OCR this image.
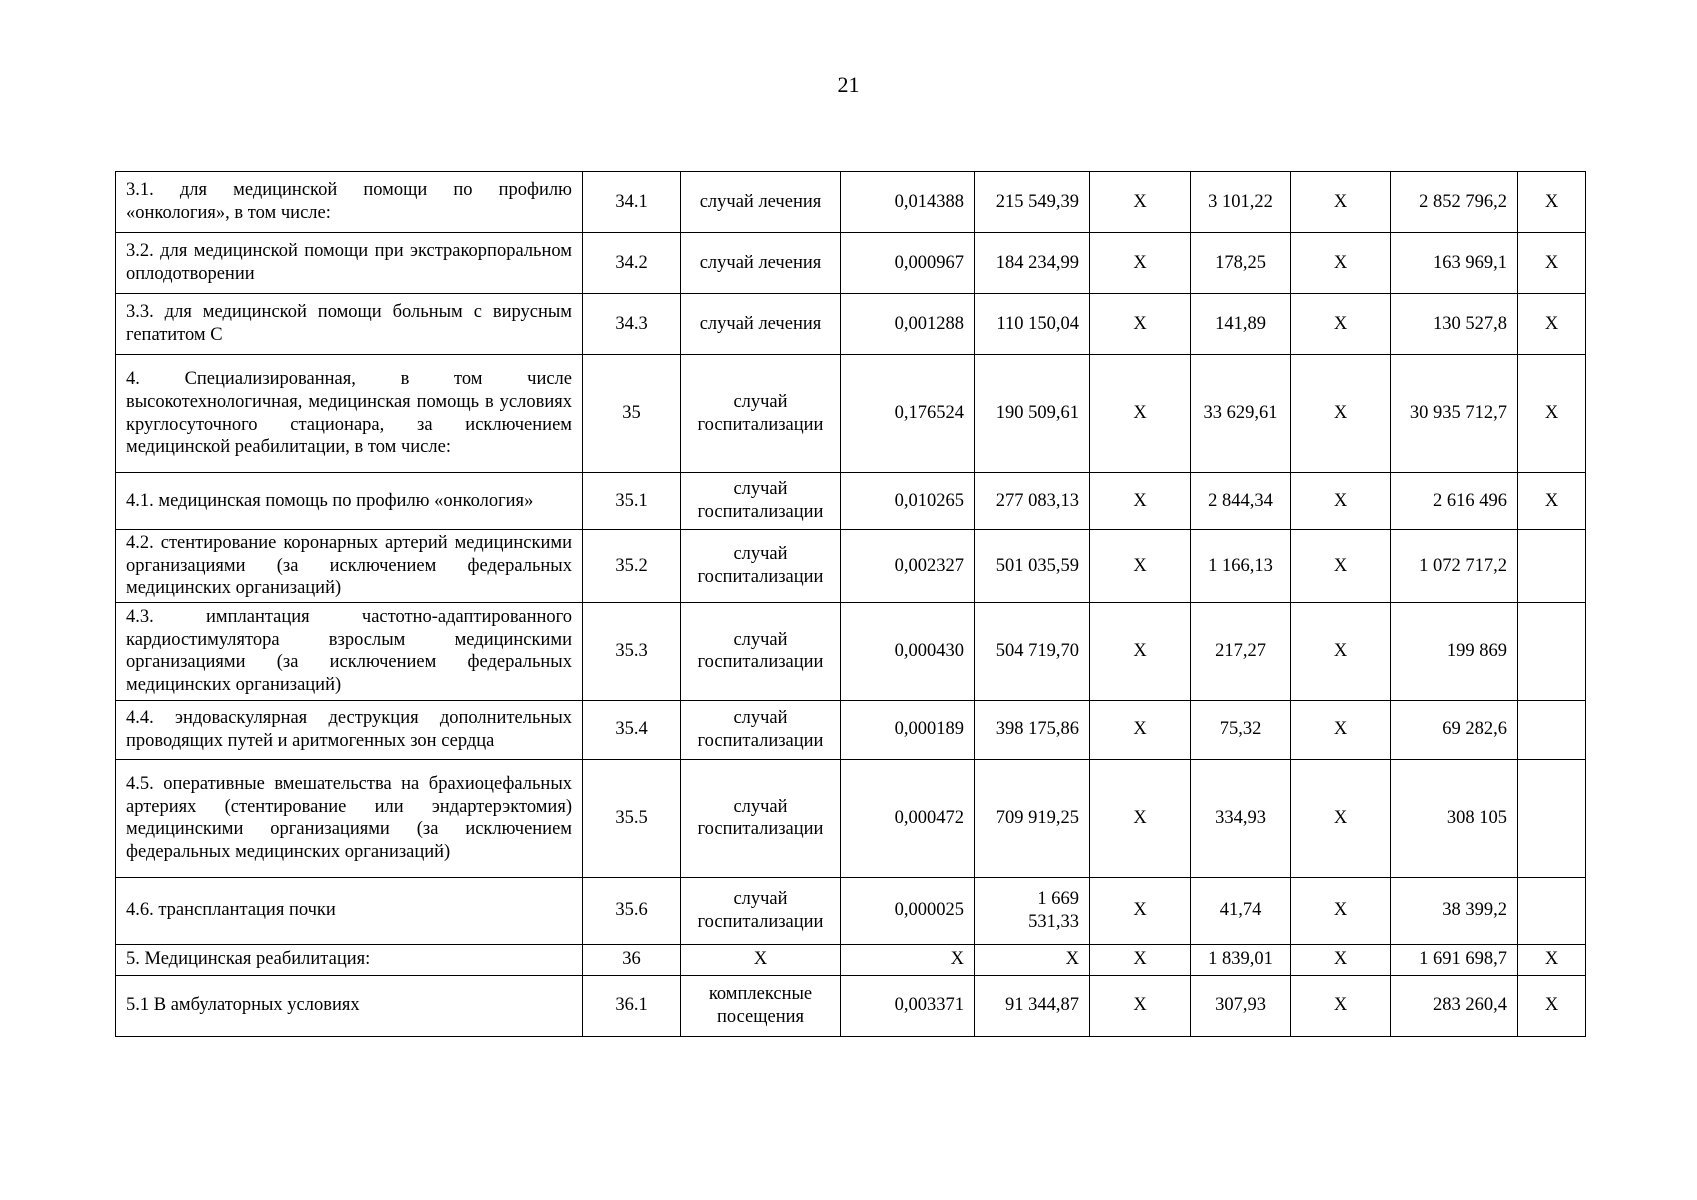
21
3.1. для медицинской помощи по профилю «онкология», в том числе:	34.1	случай лечения	0,014388	215 549,39	X	3 101,22	X	2 852 796,2	X
3.2. для медицинской помощи при экстракорпоральном оплодотворении	34.2	случай лечения	0,000967	184 234,99	X	178,25	X	163 969,1	X
3.3. для медицинской помощи больным с вирусным гепатитом С	34.3	случай лечения	0,001288	110 150,04	X	141,89	X	130 527,8	X
4. Специализированная, в том числе высокотехнологичная, медицинская помощь в условиях круглосуточного стационара, за исключением медицинской реабилитации, в том числе:	35	случай госпитализации	0,176524	190 509,61	X	33 629,61	X	30 935 712,7	X
4.1. медицинская помощь по профилю «онкология»	35.1	случай госпитализации	0,010265	277 083,13	X	2 844,34	X	2 616 496	X
4.2. стентирование коронарных артерий медицинскими организациями (за исключением федеральных медицинских организаций)	35.2	случай госпитализации	0,002327	501 035,59	X	1 166,13	X	1 072 717,2	
4.3. имплантация частотно-адаптированного кардиостимулятора взрослым медицинскими организациями (за исключением федеральных медицинских организаций)	35.3	случай госпитализации	0,000430	504 719,70	X	217,27	X	199 869	
4.4. эндоваскулярная деструкция дополнительных проводящих путей и аритмогенных зон сердца	35.4	случай госпитализации	0,000189	398 175,86	X	75,32	X	69 282,6	
4.5. оперативные вмешательства на брахиоцефальных артериях (стентирование или эндартерэктомия) медицинскими организациями (за исключением федеральных медицинских организаций)	35.5	случай госпитализации	0,000472	709 919,25	X	334,93	X	308 105	
4.6. трансплантация почки	35.6	случай госпитализации	0,000025	1 669 531,33	X	41,74	X	38 399,2	
5. Медицинская реабилитация:	36	X	X	X	X	1 839,01	X	1 691 698,7	X
5.1 В амбулаторных условиях	36.1	комплексные посещения	0,003371	91 344,87	X	307,93	X	283 260,4	X
